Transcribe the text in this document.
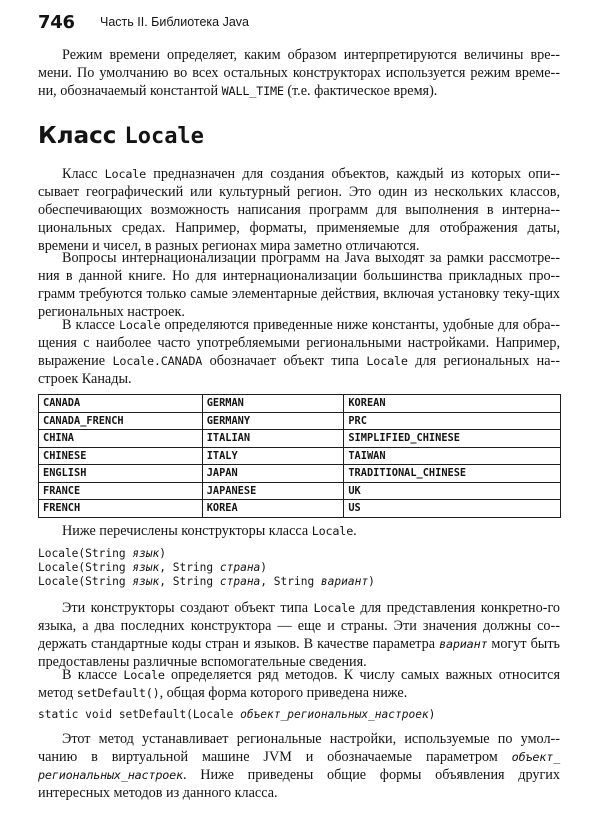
746 Часть II. Библиотека Java

Режим времени определяет, каким образом интерпретируются величины вре-мени. По умолчанию во всех остальных конструкторах используется режим време-ни, обозначаемый константой WALL_TIME (т.е. фактическое время).

Класс Locale

Класс Locale предназначен для создания объектов, каждый из которых опи-сывает географический или культурный регион. Это один из нескольких классов, обеспечивающих возможность написания программ для выполнения в интерна-циональных средах. Например, форматы, применяемые для отображения даты, времени и чисел, в разных регионах мира заметно отличаются.

Вопросы интернационализации программ на Java выходят за рамки рассмотре-ния в данной книге. Но для интернационализации большинства прикладных про-грамм требуются только самые элементарные действия, включая установку теку-щих региональных настроек.

В классе Locale определяются приведенные ниже константы, удобные для обра-щения с наиболее часто употребляемыми региональными настройками. Например, выражение Locale.CANADA обозначает объект типа Locale для региональных на-строек Канады.

CANADA	GERMAN	KOREAN
CANADA_FRENCH	GERMANY	PRC
CHINA	ITALIAN	SIMPLIFIED_CHINESE
CHINESE	ITALY	TAIWAN
ENGLISH	JAPAN	TRADITIONAL_CHINESE
FRANCE	JAPANESE	UK
FRENCH	KOREA	US

Ниже перечислены конструкторы класса Locale.

Locale(String язык)
Locale(String язык, String страна)
Locale(String язык, String страна, String вариант)

Эти конструкторы создают объект типа Locale для представления конкретно-го языка, а два последних конструктора — еще и страны. Эти значения должны со-держать стандартные коды стран и языков. В качестве параметра вариант могут быть предоставлены различные вспомогательные сведения.

В классе Locale определяется ряд методов. К числу самых важных относится метод setDefault(), общая форма которого приведена ниже.

static void setDefault(Locale объект_региональных_настроек)

Этот метод устанавливает региональные настройки, используемые по умол-чанию в виртуальной машине JVM и обозначаемые параметром объект_​региональных_настроек. Ниже приведены общие формы объявления других интересных методов из данного класса.
